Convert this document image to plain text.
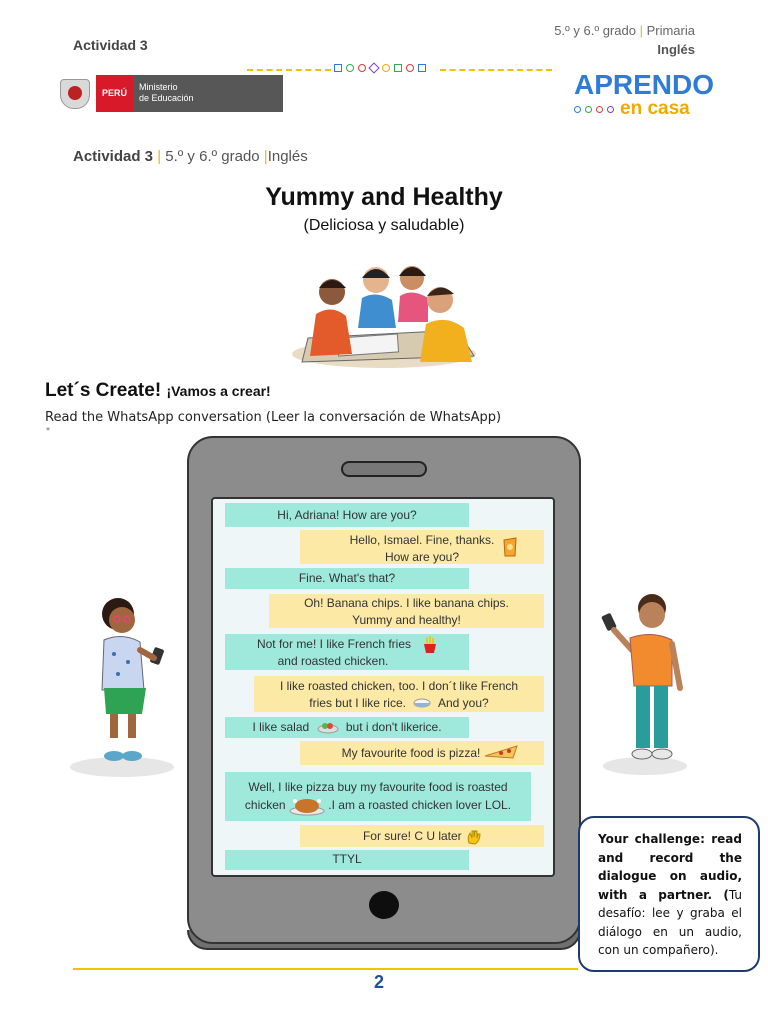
Actividad 3
5.º y 6.º grado | Primaria
Inglés
PERÚ
Ministerio
de Educación	APRENDO
en casa
Actividad 3 | 5.º y 6.º grado |Inglés
Yummy and Healthy
(Deliciosa y saludable)
Let´s Create! ¡Vamos a crear!
Read the WhatsApp conversation (Leer la conversación de WhatsApp)
*
Hi, Adriana! How are you?
Hello, Ismael. Fine, thanks.
How are you?
Fine. What's that?
Oh! Banana chips. I like banana chips.
Yummy and healthy!
Not for me! I like French fries
and roasted chicken.
I like roasted chicken, too. I don´t like French
fries but I like rice.	And you?
I like salad	but i don't likerice.
My favourite food is pizza!
Well, I like pizza buy my favourite food is roasted
chicken	.I am a roasted chicken lover LOL.
For sure! C U later
TTYL
Your challenge: read and record the dialogue on audio, with a partner. (Tu desafío: lee y graba el diálogo en un audio, con un compañero).
2
